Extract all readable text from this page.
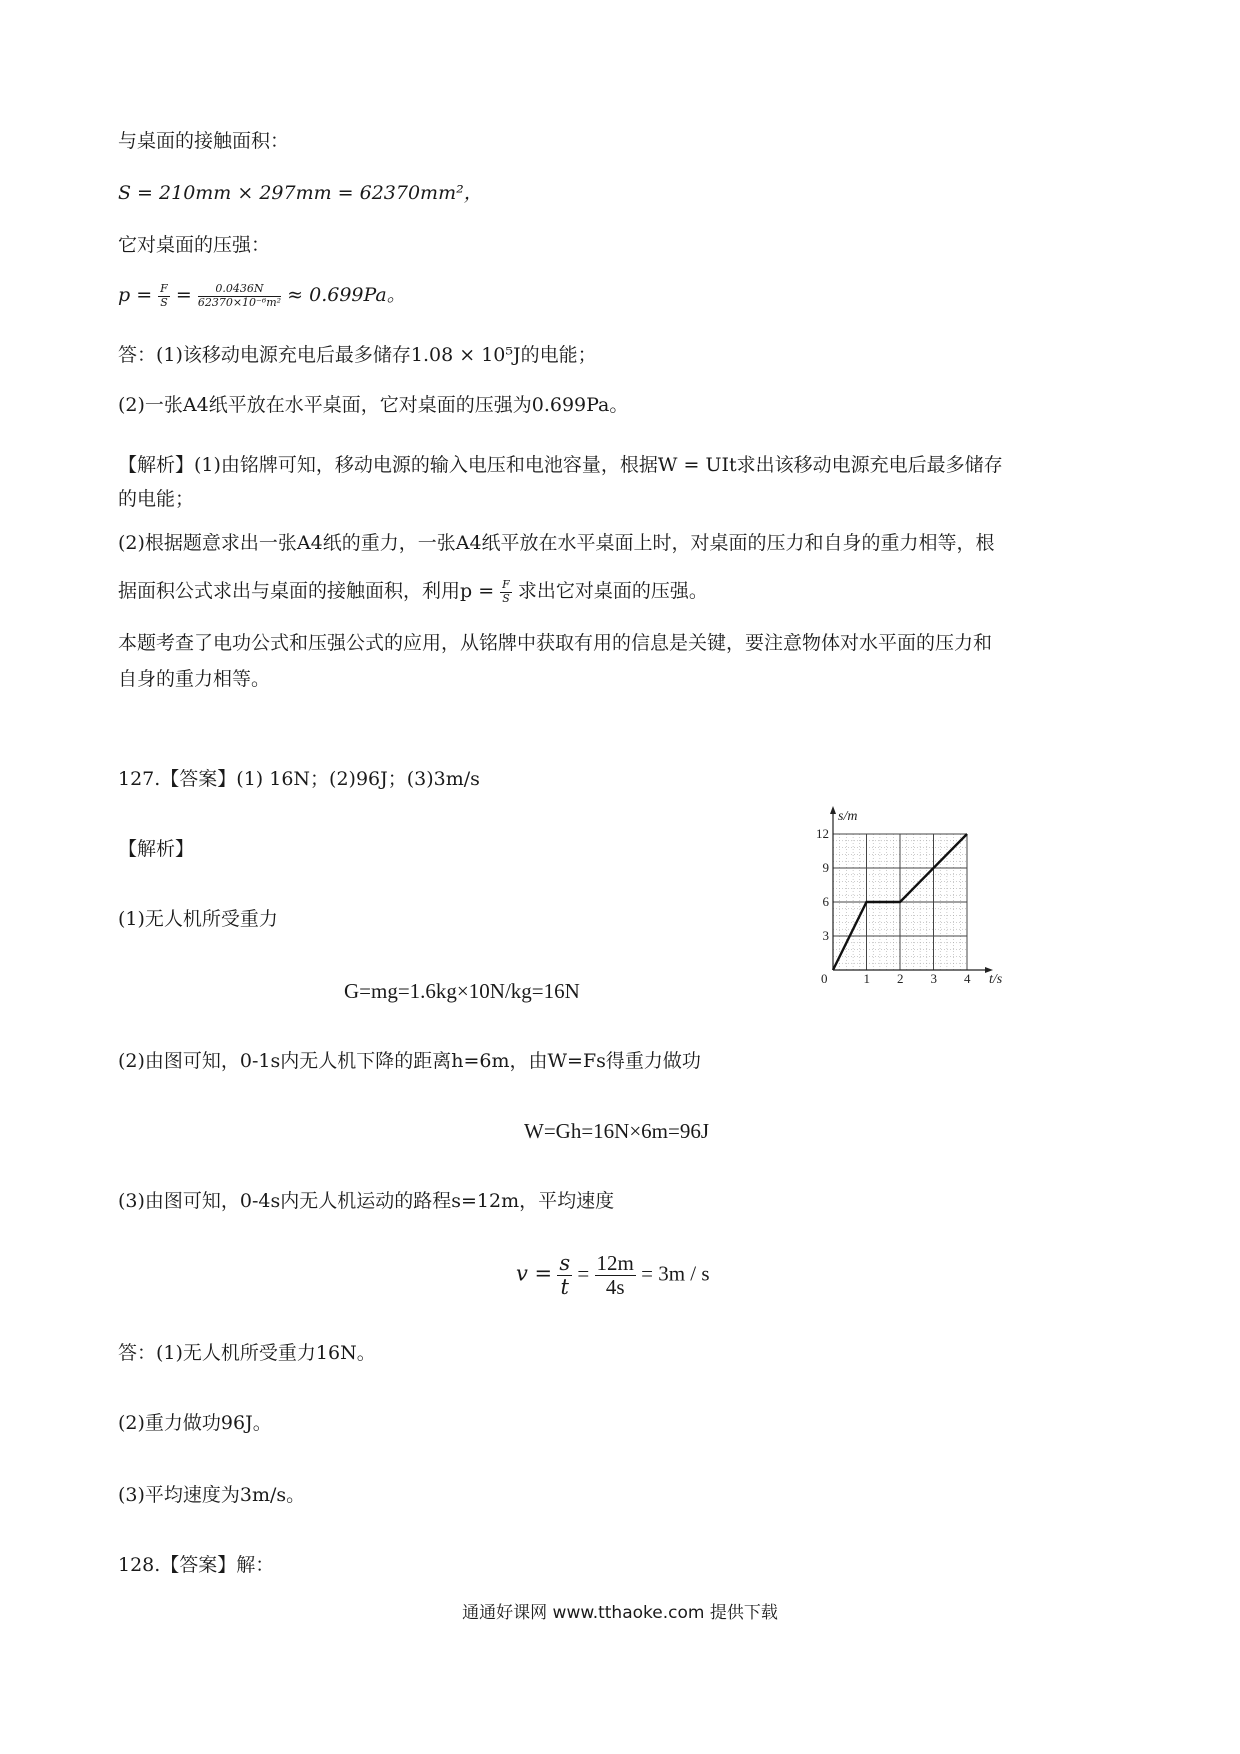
与桌面的接触面积：
S = 210mm × 297mm = 62370mm²，
它对桌面的压强：
$p = \frac{F}{S} = \frac{0.0436N}{\text{62370×10⁻⁶m²}} \approx 0.699Pa$。
答：(1)该移动电源充电后最多储存1.08 × 10⁵J的电能；
(2)一张A4纸平放在水平桌面，它对桌面的压强为0.699Pa。
【解析】(1)由铭牌可知，移动电源的输入电压和电池容量，根据W = UIt求出该移动电源充电后最多储存
的电能；
(2)根据题意求出一张A4纸的重力，一张A4纸平放在水平桌面上时，对桌面的压力和自身的重力相等，根
据面积公式求出与桌面的接触面积，利用$p = \frac{F}{S}$ 求出它对桌面的压强。
本题考查了电功公式和压强公式的应用，从铭牌中获取有用的信息是关键，要注意物体对水平面的压力和
自身的重力相等。
127.【答案】(1) 16N；(2)96J；(3)3m/s
【解析】
(1)无人机所受重力
G=mg=1.6kg×10N/kg=16N
(2)由图可知，0-1s内无人机下降的距离h=6m，由W=Fs得重力做功
W=Gh=16N×6m=96J
(3)由图可知，0-4s内无人机运动的路程s=12m，平均速度
$v = \frac{s}{t} = \frac{12m}{4s} = 3m / s$
答：(1)无人机所受重力16N。
(2)重力做功96J。
(3)平均速度为3m/s。
128.【答案】解：
0	1 2 3 4
3
6
9
12
t/s
s/m
通通好课网 www.tthaoke.com 提供下载
